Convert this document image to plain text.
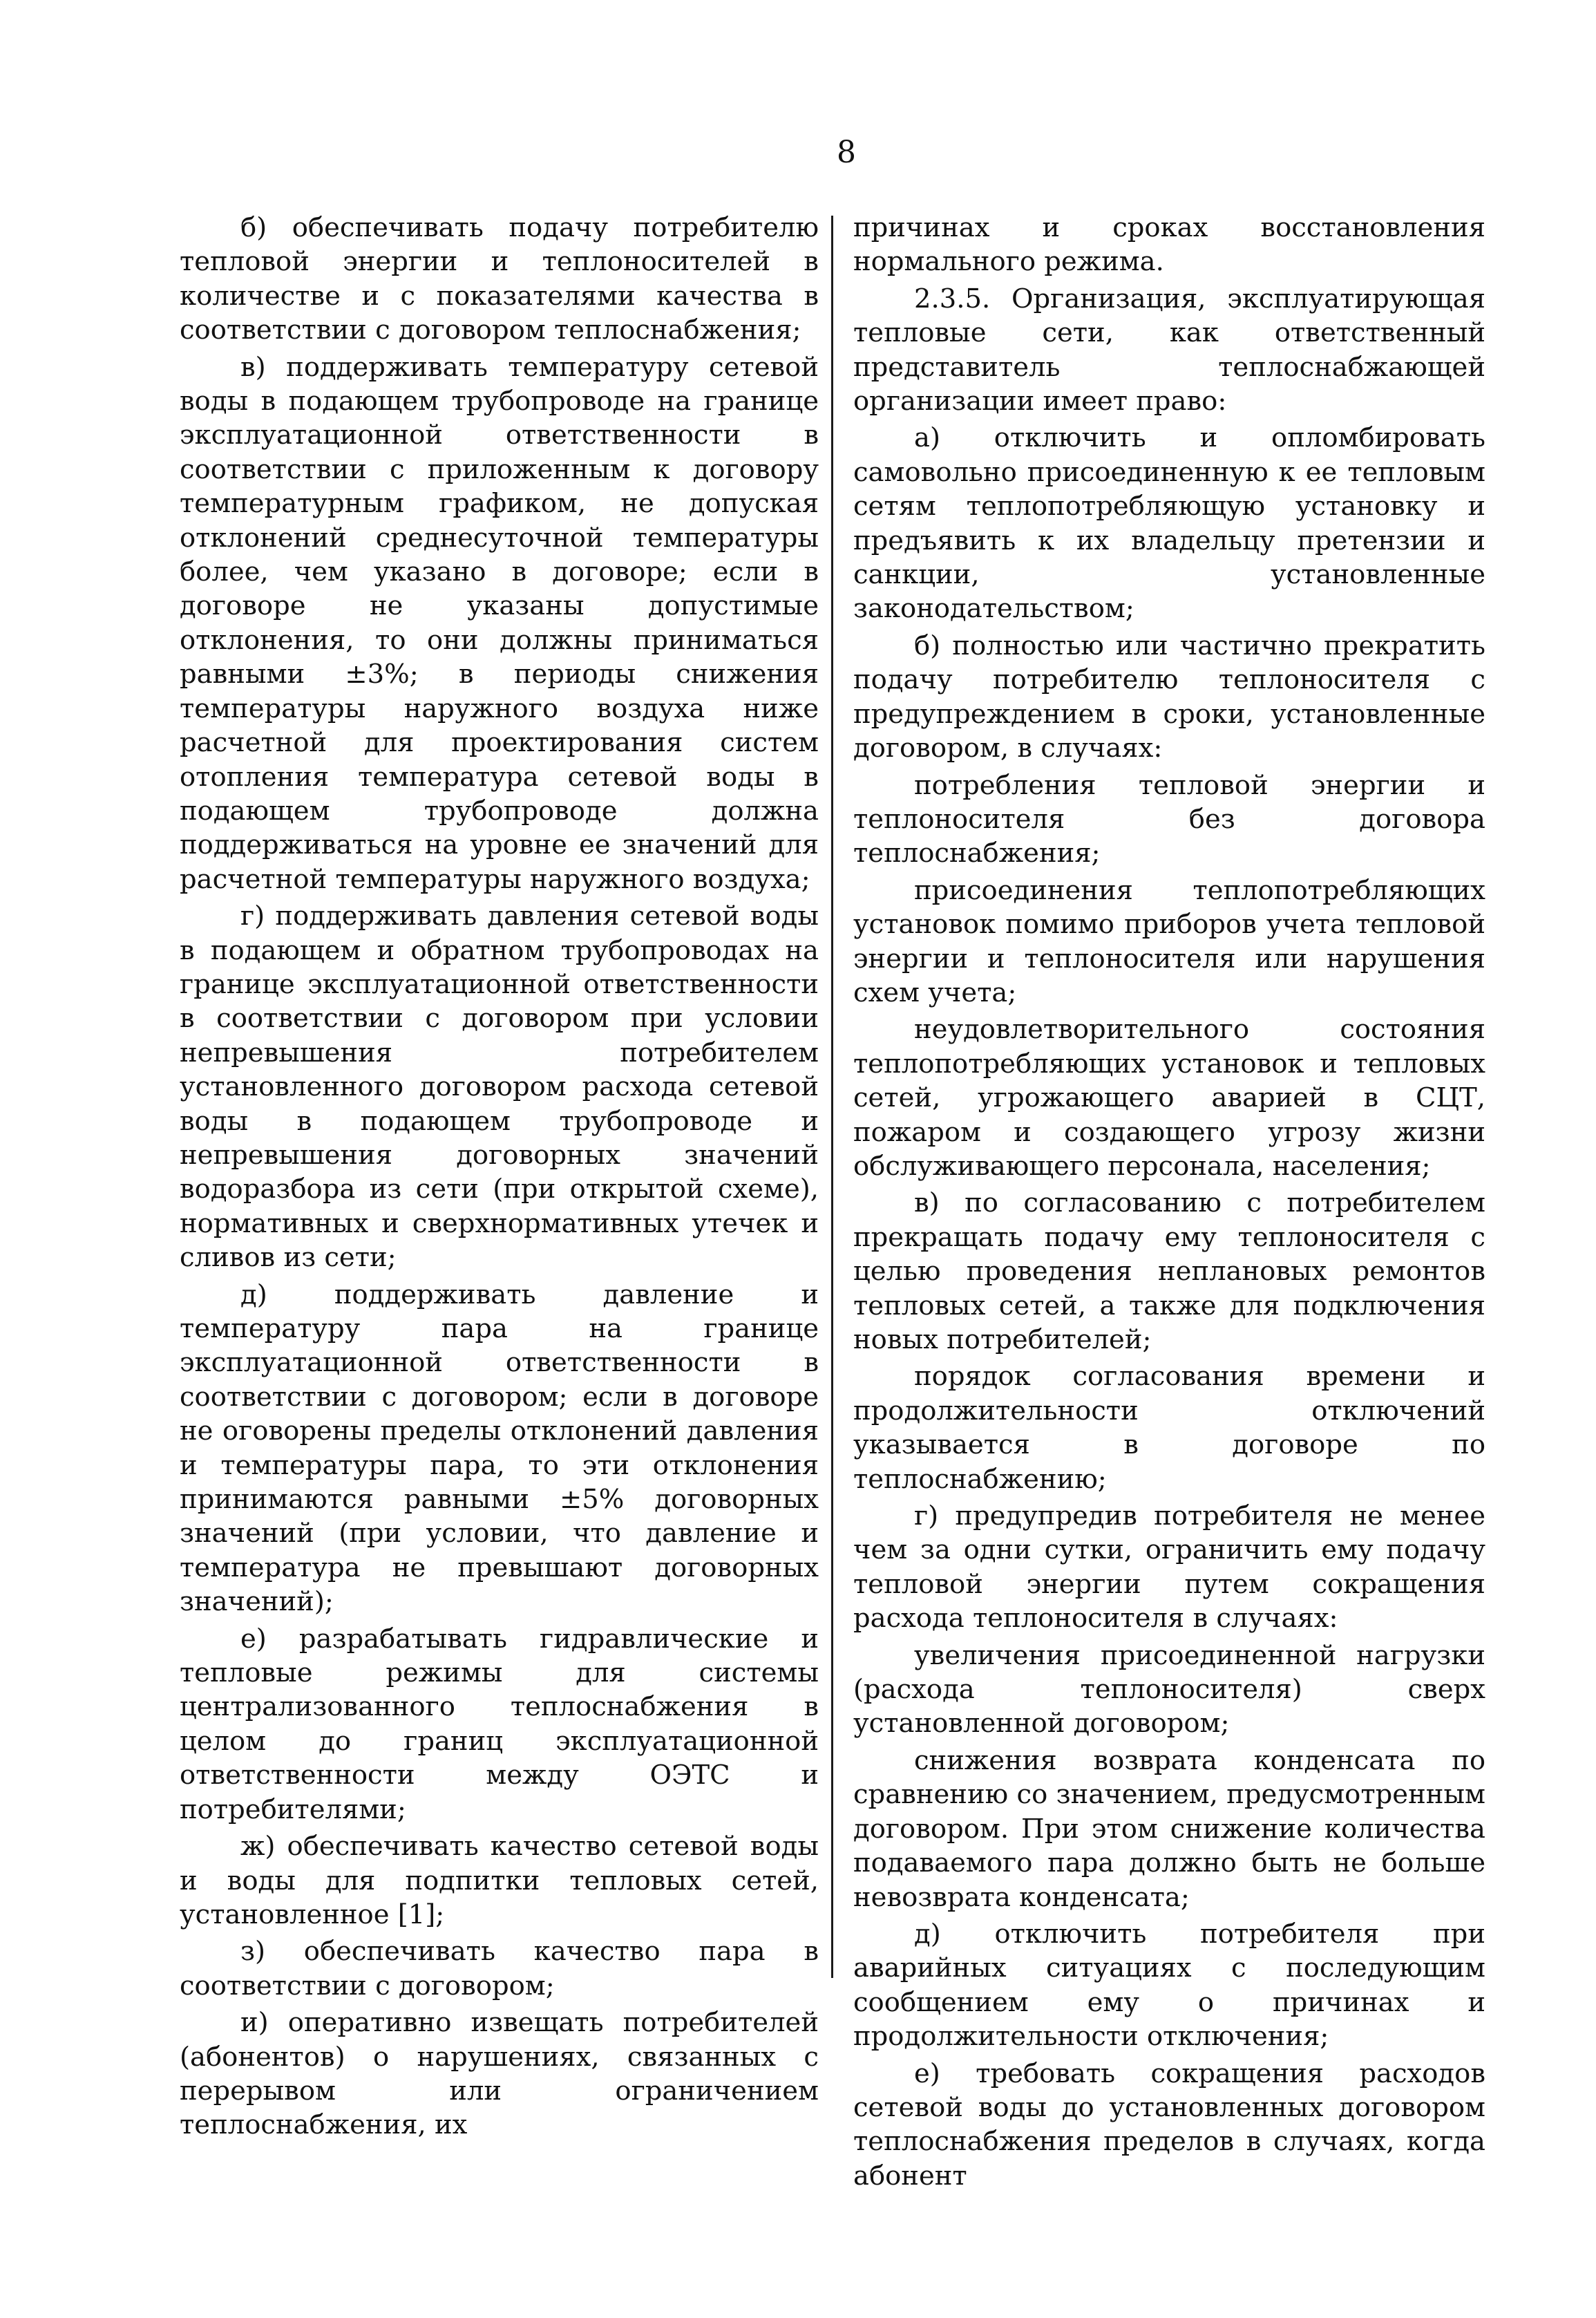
8

б) обеспечивать подачу потребителю тепловой энергии и теплоносителей в количестве и с показателями качества в соответствии с договором теплоснабжения;

в) поддерживать температуру сетевой воды в подающем трубопроводе на границе эксплуатационной ответственности в соответствии с приложенным к договору температурным графиком, не допуская отклонений среднесуточной температуры более, чем указано в договоре; если в договоре не указаны допустимые отклонения, то они должны приниматься равными ±3%; в периоды снижения температуры наружного воздуха ниже расчетной для проектирования систем отопления температура сетевой воды в подающем трубопроводе должна поддерживаться на уровне ее значений для расчетной температуры наружного воздуха;

г) поддерживать давления сетевой воды в подающем и обратном трубопроводах на границе эксплуатационной ответственности в соответствии с договором при условии непревышения потребителем установленного договором расхода сетевой воды в подающем трубопроводе и непревышения договорных значений водоразбора из сети (при открытой схеме), нормативных и сверхнормативных утечек и сливов из сети;

д) поддерживать давление и температуру пара на границе эксплуатационной ответственности в соответствии с договором; если в договоре не оговорены пределы отклонений давления и температуры пара, то эти отклонения принимаются равными ±5% договорных значений (при условии, что давление и температура не превышают договорных значений);

е) разрабатывать гидравлические и тепловые режимы для системы централизованного теплоснабжения в целом до границ эксплуатационной ответственности между ОЭТС и потребителями;

ж) обеспечивать качество сетевой воды и воды для подпитки тепловых сетей, установленное [1];

з) обеспечивать качество пара в соответствии с договором;

и) оперативно извещать потребителей (абонентов) о нарушениях, связанных с перерывом или ограничением теплоснабжения, их

причинах и сроках восстановления нормального режима.

2.3.5. Организация, эксплуатирующая тепловые сети, как ответственный представитель теплоснабжающей организации имеет право:

а) отключить и опломбировать самовольно присоединенную к ее тепловым сетям теплопотребляющую установку и предъявить к их владельцу претензии и санкции, установленные законодательством;

б) полностью или частично прекратить подачу потребителю теплоносителя с предупреждением в сроки, установленные договором, в случаях:

потребления тепловой энергии и теплоносителя без договора теплоснабжения;

присоединения теплопотребляющих установок помимо приборов учета тепловой энергии и теплоносителя или нарушения схем учета;

неудовлетворительного состояния теплопотребляющих установок и тепловых сетей, угрожающего аварией в СЦТ, пожаром и создающего угрозу жизни обслуживающего персонала, населения;

в) по согласованию с потребителем прекращать подачу ему теплоносителя с целью проведения неплановых ремонтов тепловых сетей, а также для подключения новых потребителей;

порядок согласования времени и продолжительности отключений указывается в договоре по теплоснабжению;

г) предупредив потребителя не менее чем за одни сутки, ограничить ему подачу тепловой энергии путем сокращения расхода теплоносителя в случаях:

увеличения присоединенной нагрузки (расхода теплоносителя) сверх установленной договором;

снижения возврата конденсата по сравнению со значением, предусмотренным договором. При этом снижение количества подаваемого пара должно быть не больше невозврата конденсата;

д) отключить потребителя при аварийных ситуациях с последующим сообщением ему о причинах и продолжительности отключения;

е) требовать сокращения расходов сетевой воды до установленных договором теплоснабжения пределов в случаях, когда абонент
